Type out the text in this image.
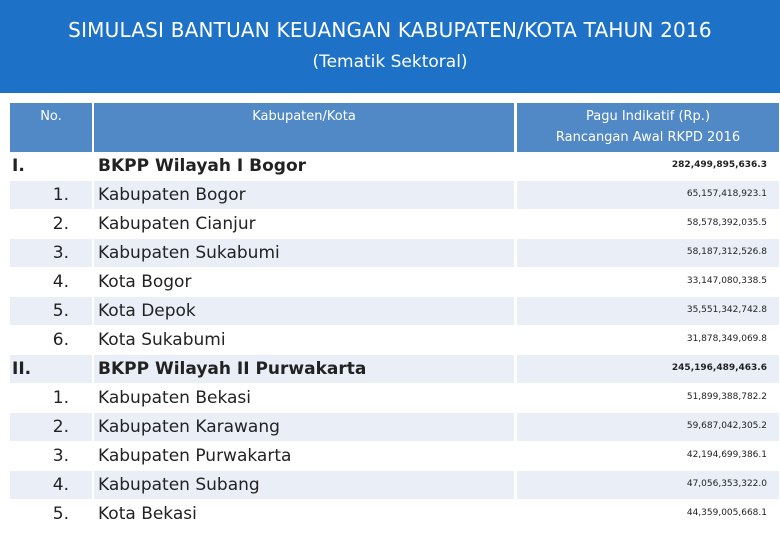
SIMULASI BANTUAN KEUANGAN KABUPATEN/KOTA TAHUN 2016
(Tematik Sektoral)
No.	Kabupaten/Kota	Pagu Indikatif (Rp.)
Rancangan Awal RKPD 2016
I.	BKPP Wilayah I Bogor	282,499,895,636.3
1. Kabupaten Bogor	65,157,418,923.1
2. Kabupaten Cianjur	58,578,392,035.5
3. Kabupaten Sukabumi	58,187,312,526.8
4. Kota Bogor	33,147,080,338.5
5. Kota Depok	35,551,342,742.8
6. Kota Sukabumi	31,878,349,069.8
II.	BKPP Wilayah II Purwakarta	245,196,489,463.6
1. Kabupaten Bekasi	51,899,388,782.2
2. Kabupaten Karawang	59,687,042,305.2
3. Kabupaten Purwakarta	42,194,699,386.1
4. Kabupaten Subang	47,056,353,322.0
5. Kota Bekasi	44,359,005,668.1
